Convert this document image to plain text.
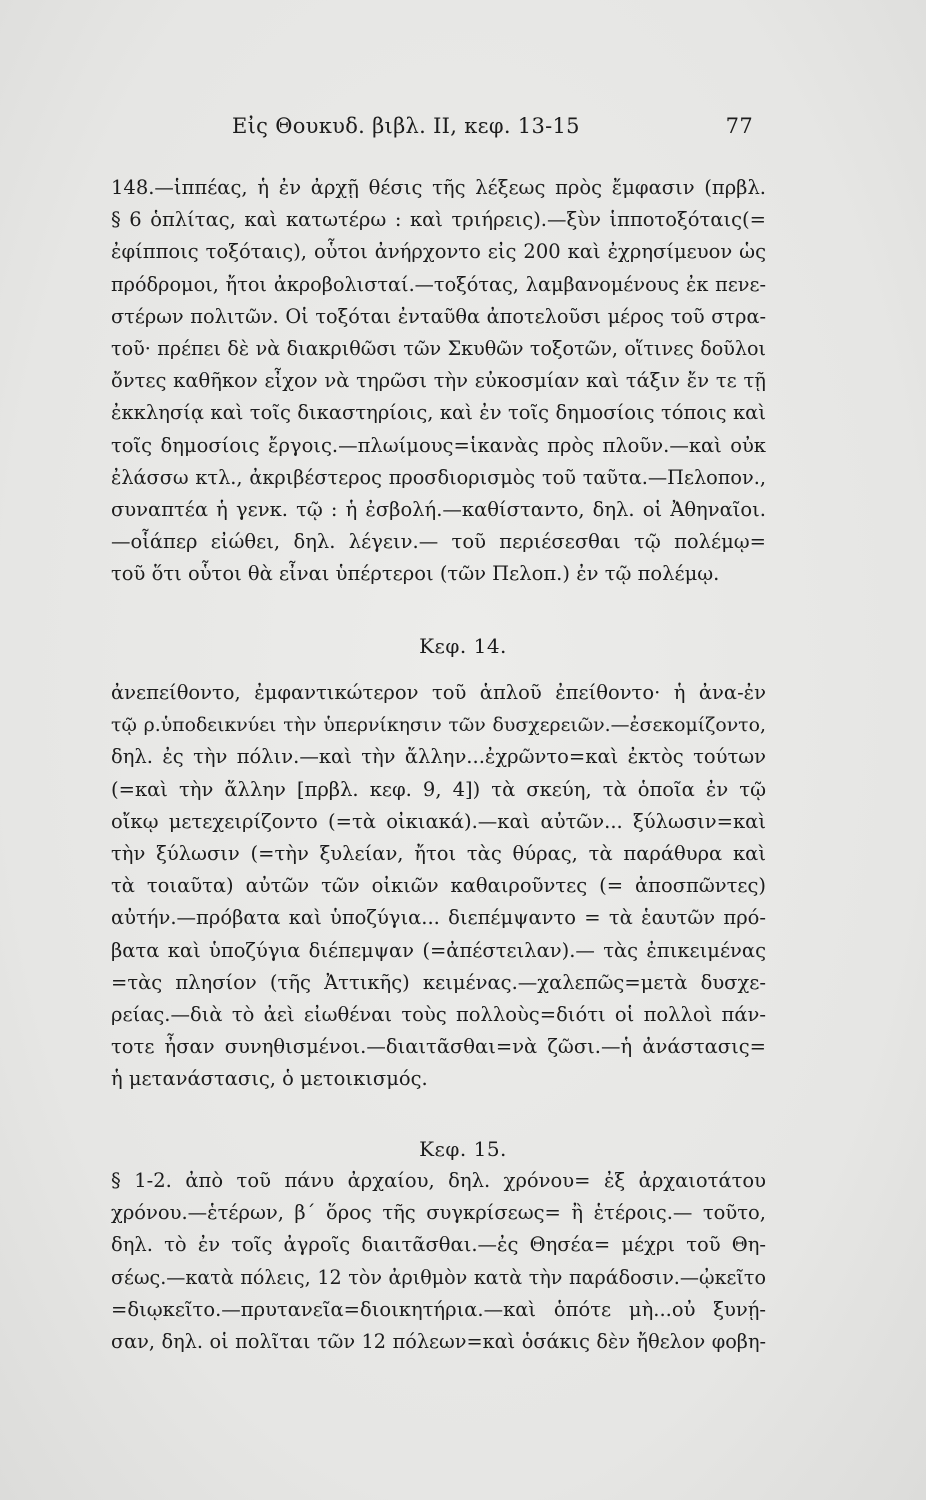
Εἰς Θουκυδ. βιβλ. II, κεφ. 13-15	77
148.—ἱππέας, ἡ ἐν ἀρχῇ θέσις τῆς λέξεως πρὸς ἔμφασιν (πρβλ.
§ 6 ὁπλίτας, καὶ κατωτέρω : καὶ τριήρεις).—ξὺν ἱπποτοξόταις(=
ἐφίπποις τοξόταις), οὗτοι ἀνήρχοντο εἰς 200 καὶ ἐχρησίμευον ὡς
πρόδρομοι, ἤτοι ἀκροβολισταί.—τοξότας, λαμβανομένους ἐκ πενε-
στέρων πολιτῶν. Οἱ τοξόται ἐνταῦθα ἀποτελοῦσι μέρος τοῦ στρα-
τοῦ· πρέπει δὲ νὰ διακριθῶσι τῶν Σκυθῶν τοξοτῶν, οἵτινες δοῦλοι
ὄντες καθῆκον εἶχον νὰ τηρῶσι τὴν εὐκοσμίαν καὶ τάξιν ἔν τε τῇ
ἐκκλησίᾳ καὶ τοῖς δικαστηρίοις, καὶ ἐν τοῖς δημοσίοις τόποις καὶ
τοῖς δημοσίοις ἔργοις.—πλωίμους=ἱκανὰς πρὸς πλοῦν.—καὶ οὐκ
ἐλάσσω κτλ., ἀκριβέστερος προσδιορισμὸς τοῦ ταῦτα.—Πελοπον.,
συναπτέα ἡ γενκ. τῷ : ἡ ἐσβολή.—καθίσταντο, δηλ. οἱ Ἀθηναῖοι.
—οἷάπερ εἰώθει, δηλ. λέγειν.— τοῦ περιέσεσθαι τῷ πολέμῳ=
τοῦ ὅτι οὗτοι θὰ εἶναι ὑπέρτεροι (τῶν Πελοπ.) ἐν τῷ πολέμῳ.
Κεφ. 14.
ἀνεπείθοντο, ἐμφαντικώτερον τοῦ ἁπλοῦ ἐπείθοντο· ἡ ἀνα-ἐν
τῷ ρ.ὑποδεικνύει τὴν ὑπερνίκησιν τῶν δυσχερειῶν.—ἐσεκομίζοντο,
δηλ. ἐς τὴν πόλιν.—καὶ τὴν ἄλλην...ἐχρῶντο=καὶ ἐκτὸς τούτων
(=καὶ τὴν ἄλλην [πρβλ. κεφ. 9, 4]) τὰ σκεύη, τὰ ὁποῖα ἐν τῷ
οἴκῳ μετεχειρίζοντο (=τὰ οἰκιακά).—καὶ αὐτῶν... ξύλωσιν=καὶ
τὴν ξύλωσιν (=τὴν ξυλείαν, ἤτοι τὰς θύρας, τὰ παράθυρα καὶ
τὰ τοιαῦτα) αὐτῶν τῶν οἰκιῶν καθαιροῦντες (= ἀποσπῶντες)
αὐτήν.—πρόβατα καὶ ὑποζύγια... διεπέμψαντο = τὰ ἑαυτῶν πρό-
βατα καὶ ὑποζύγια διέπεμψαν (=ἀπέστειλαν).— τὰς ἐπικειμένας
=τὰς πλησίον (τῆς Ἀττικῆς) κειμένας.—χαλεπῶς=μετὰ δυσχε-
ρείας.—διὰ τὸ ἀεὶ εἰωθέναι τοὺς πολλοὺς=διότι οἱ πολλοὶ πάν-
τοτε ἦσαν συνηθισμένοι.—διαιτᾶσθαι=νὰ ζῶσι.—ἡ ἀνάστασις=
ἡ μετανάστασις, ὁ μετοικισμός.
Κεφ. 15.
§ 1-2. ἀπὸ τοῦ πάνυ ἀρχαίου, δηλ. χρόνου= ἐξ ἀρχαιοτάτου
χρόνου.—ἑτέρων, β΄ ὅρος τῆς συγκρίσεως= ἢ ἑτέροις.— τοῦτο,
δηλ. τὸ ἐν τοῖς ἀγροῖς διαιτᾶσθαι.—ἐς Θησέα= μέχρι τοῦ Θη-
σέως.—κατὰ πόλεις, 12 τὸν ἀριθμὸν κατὰ τὴν παράδοσιν.—ᾠκεῖτο
=διῳκεῖτο.—πρυτανεῖα=διοικητήρια.—καὶ ὁπότε μὴ...οὐ ξυνῄ-
σαν, δηλ. οἱ πολῖται τῶν 12 πόλεων=καὶ ὁσάκις δὲν ἤθελον φοβη-
